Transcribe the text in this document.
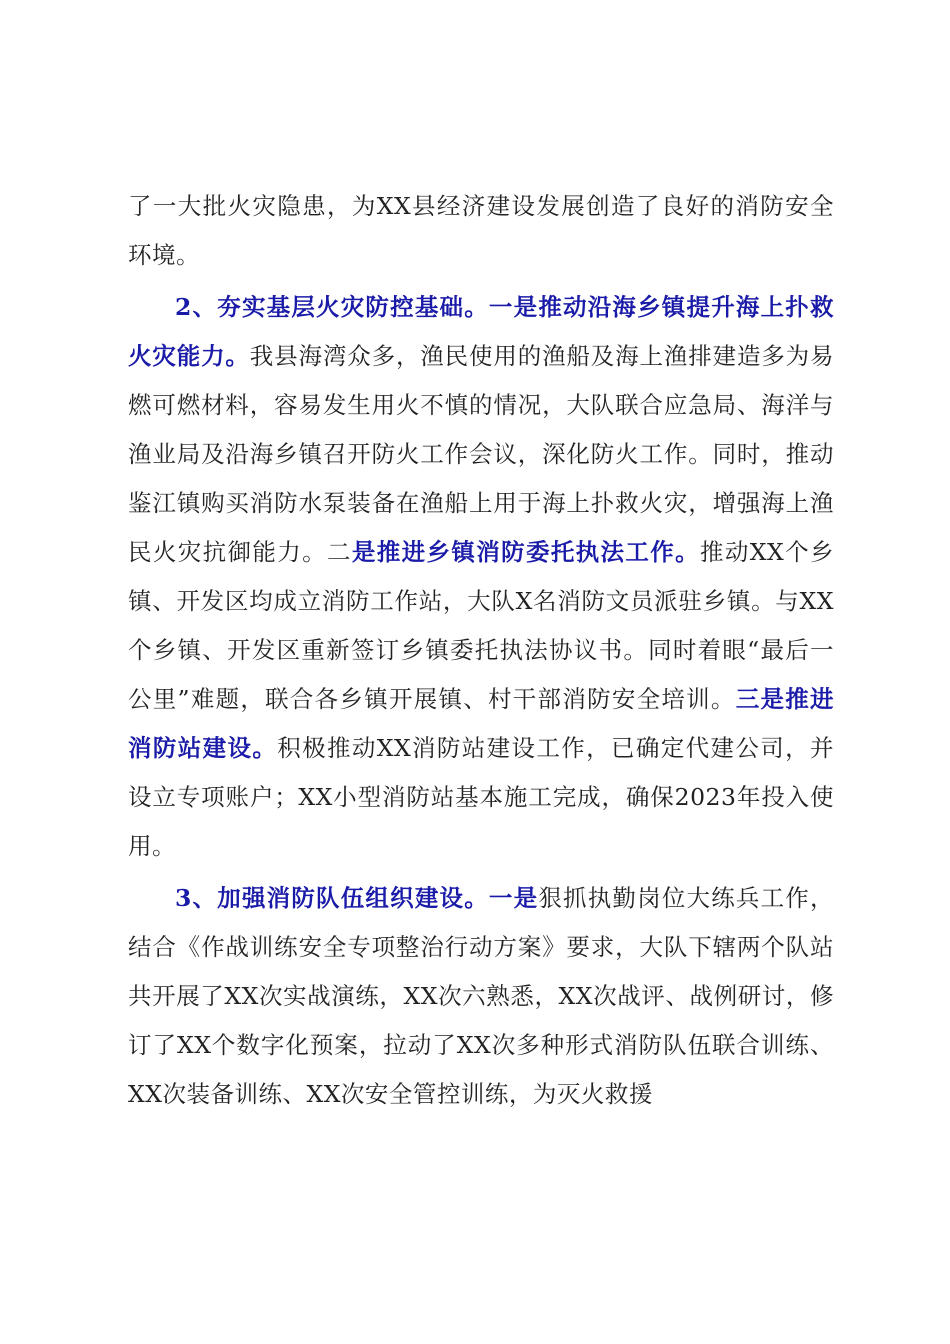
了一大批火灾隐患，为XX县经济建设发展创造了良好的消防安全环境。

2、夯实基层火灾防控基础。一是推动沿海乡镇提升海上扑救火灾能力。我县海湾众多，渔民使用的渔船及海上渔排建造多为易燃可燃材料，容易发生用火不慎的情况，大队联合应急局、海洋与渔业局及沿海乡镇召开防火工作会议，深化防火工作。同时，推动鉴江镇购买消防水泵装备在渔船上用于海上扑救火灾，增强海上渔民火灾抗御能力。二是推进乡镇消防委托执法工作。推动XX个乡镇、开发区均成立消防工作站，大队X名消防文员派驻乡镇。与XX个乡镇、开发区重新签订乡镇委托执法协议书。同时着眼“最后一公里”难题，联合各乡镇开展镇、村干部消防安全培训。三是推进消防站建设。积极推动XX消防站建设工作，已确定代建公司，并设立专项账户；XX小型消防站基本施工完成，确保2023年投入使用。

3、加强消防队伍组织建设。一是狠抓执勤岗位大练兵工作，结合《作战训练安全专项整治行动方案》要求，大队下辖两个队站共开展了XX次实战演练，XX次六熟悉，XX次战评、战例研讨，修订了XX个数字化预案，拉动了XX次多种形式消防队伍联合训练、XX次装备训练、XX次安全管控训练，为灭火救援
